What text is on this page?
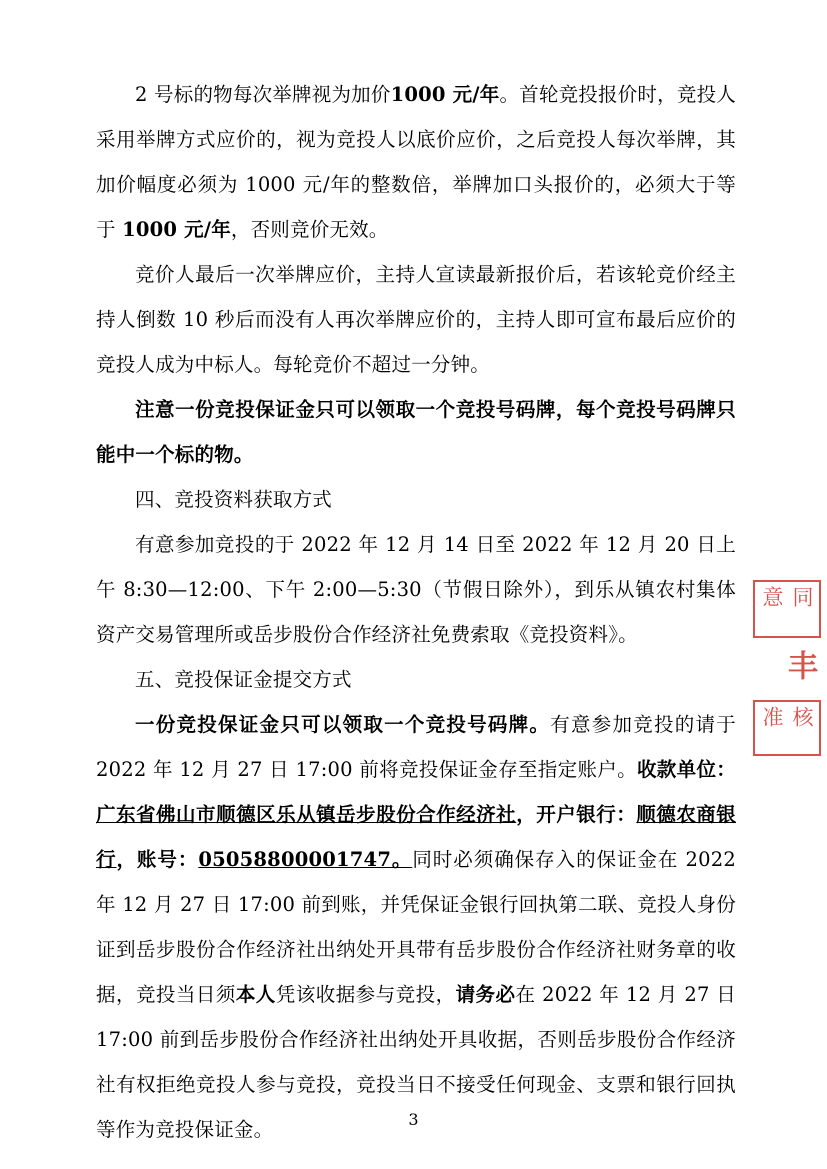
2 号标的物每次举牌视为加价1000 元/年。首轮竞投报价时，竞投人采用举牌方式应价的，视为竞投人以底价应价，之后竞投人每次举牌，其加价幅度必须为 1000 元/年的整数倍，举牌加口头报价的，必须大于等于 1000 元/年，否则竞价无效。

竞价人最后一次举牌应价，主持人宣读最新报价后，若该轮竞价经主持人倒数 10 秒后而没有人再次举牌应价的，主持人即可宣布最后应价的竞投人成为中标人。每轮竞价不超过一分钟。

注意一份竞投保证金只可以领取一个竞投号码牌，每个竞投号码牌只能中一个标的物。

四、竞投资料获取方式

有意参加竞投的于 2022 年 12 月 14 日至 2022 年 12 月 20 日上午 8:30—12:00、下午 2:00—5:30（节假日除外），到乐从镇农村集体资产交易管理所或岳步股份合作经济社免费索取《竞投资料》。

五、竞投保证金提交方式

一份竞投保证金只可以领取一个竞投号码牌。有意参加竞投的请于 2022 年 12 月 27 日 17:00 前将竞投保证金存至指定账户。收款单位：广东省佛山市顺德区乐从镇岳步股份合作经济社，开户银行：顺德农商银行，账号：05058800001747。同时必须确保存入的保证金在 2022 年 12 月 27 日 17:00 前到账，并凭保证金银行回执第二联、竞投人身份证到岳步股份合作经济社出纳处开具带有岳步股份合作经济社财务章的收据，竞投当日须本人凭该收据参与竞投，请务必在 2022 年 12 月 27 日 17:00 前到岳步股份合作经济社出纳处开具收据，否则岳步股份合作经济社有权拒绝竞投人参与竞投，竞投当日不接受任何现金、支票和银行回执等作为竞投保证金。

同意
丰
核准
3
